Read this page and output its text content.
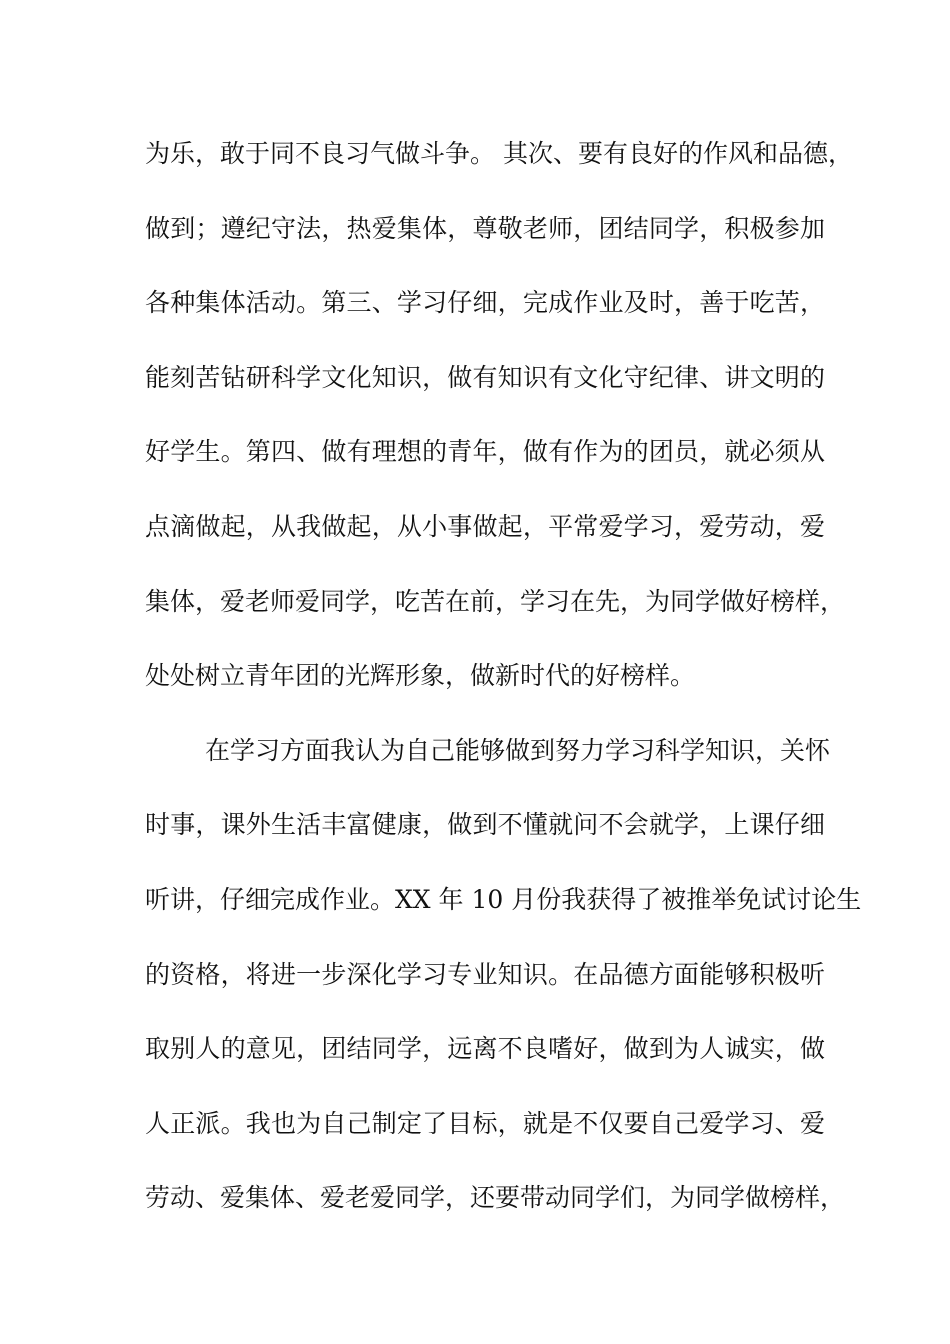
为乐，敢于同不良习气做斗争。 其次、要有良好的作风和品德，
做到；遵纪守法，热爱集体，尊敬老师，团结同学，积极参加
各种集体活动。第三、学习仔细，完成作业及时，善于吃苦，
能刻苦钻研科学文化知识，做有知识有文化守纪律、讲文明的
好学生。第四、做有理想的青年，做有作为的团员，就必须从
点滴做起，从我做起，从小事做起，平常爱学习，爱劳动，爱
集体，爱老师爱同学，吃苦在前，学习在先，为同学做好榜样，
处处树立青年团的光辉形象，做新时代的好榜样。
在学习方面我认为自己能够做到努力学习科学知识，关怀
时事，课外生活丰富健康，做到不懂就问不会就学，上课仔细
听讲，仔细完成作业。XX 年 10 月份我获得了被推举免试讨论生
的资格，将进一步深化学习专业知识。在品德方面能够积极听
取别人的意见，团结同学，远离不良嗜好，做到为人诚实，做
人正派。我也为自己制定了目标，就是不仅要自己爱学习、爱
劳动、爱集体、爱老爱同学，还要带动同学们，为同学做榜样，
